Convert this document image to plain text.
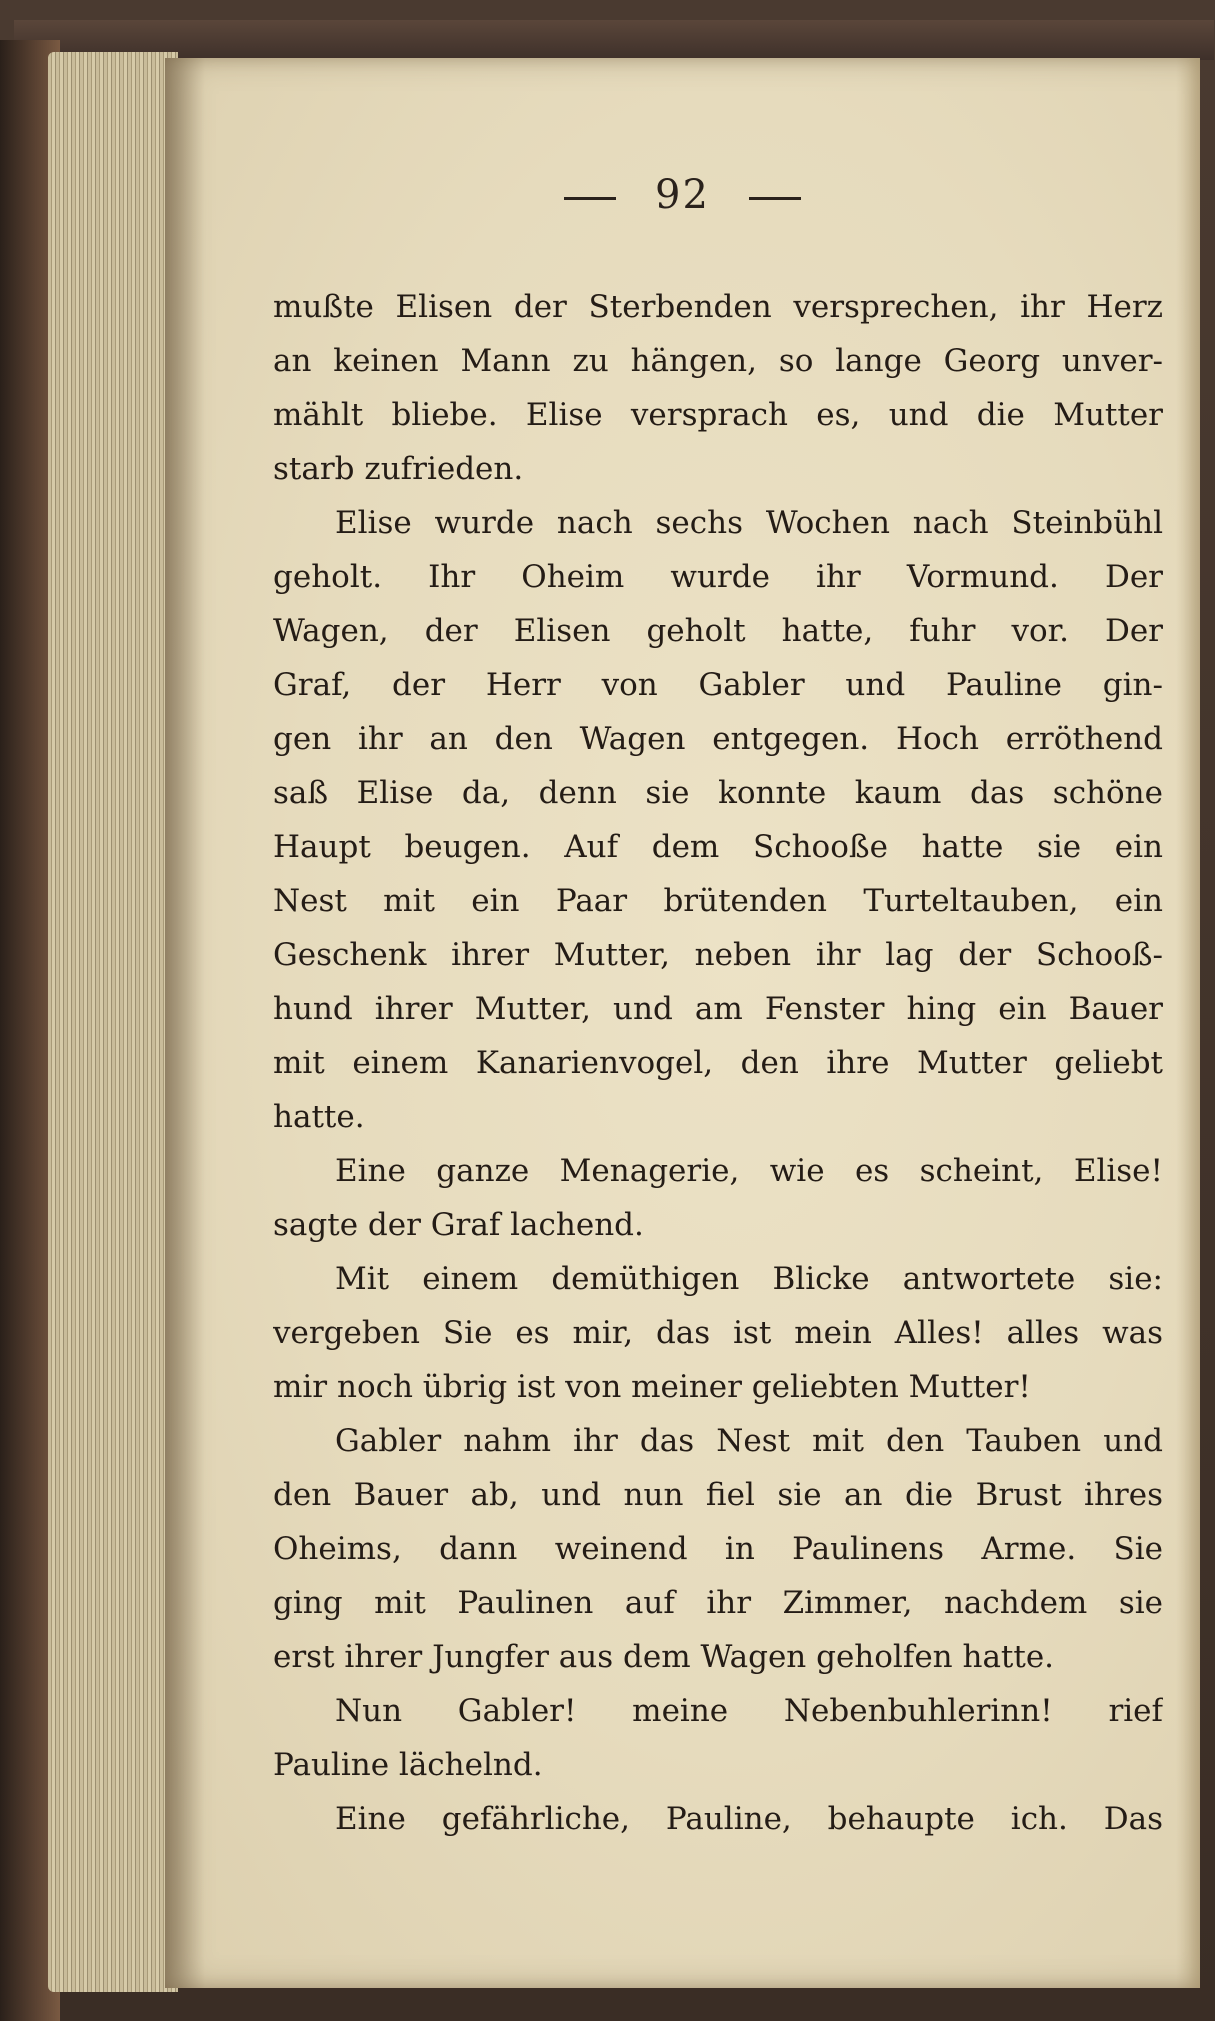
92
mußte Elisen der Sterbenden versprechen, ihr Herz
an keinen Mann zu hängen, so lange Georg unver-
mählt bliebe. Elise versprach es, und die Mutter
starb zufrieden.
Elise wurde nach sechs Wochen nach Steinbühl
geholt. Ihr Oheim wurde ihr Vormund. Der
Wagen, der Elisen geholt hatte, fuhr vor. Der
Graf, der Herr von Gabler und Pauline gin-
gen ihr an den Wagen entgegen. Hoch erröthend
saß Elise da, denn sie konnte kaum das schöne
Haupt beugen. Auf dem Schooße hatte sie ein
Nest mit ein Paar brütenden Turteltauben, ein
Geschenk ihrer Mutter, neben ihr lag der Schooß-
hund ihrer Mutter, und am Fenster hing ein Bauer
mit einem Kanarienvogel, den ihre Mutter geliebt
hatte.
Eine ganze Menagerie, wie es scheint, Elise!
sagte der Graf lachend.
Mit einem demüthigen Blicke antwortete sie:
vergeben Sie es mir, das ist mein Alles! alles was
mir noch übrig ist von meiner geliebten Mutter!
Gabler nahm ihr das Nest mit den Tauben und
den Bauer ab, und nun fiel sie an die Brust ihres
Oheims, dann weinend in Paulinens Arme. Sie
ging mit Paulinen auf ihr Zimmer, nachdem sie
erst ihrer Jungfer aus dem Wagen geholfen hatte.
Nun Gabler! meine Nebenbuhlerinn! rief
Pauline lächelnd.
Eine gefährliche, Pauline, behaupte ich. Das
